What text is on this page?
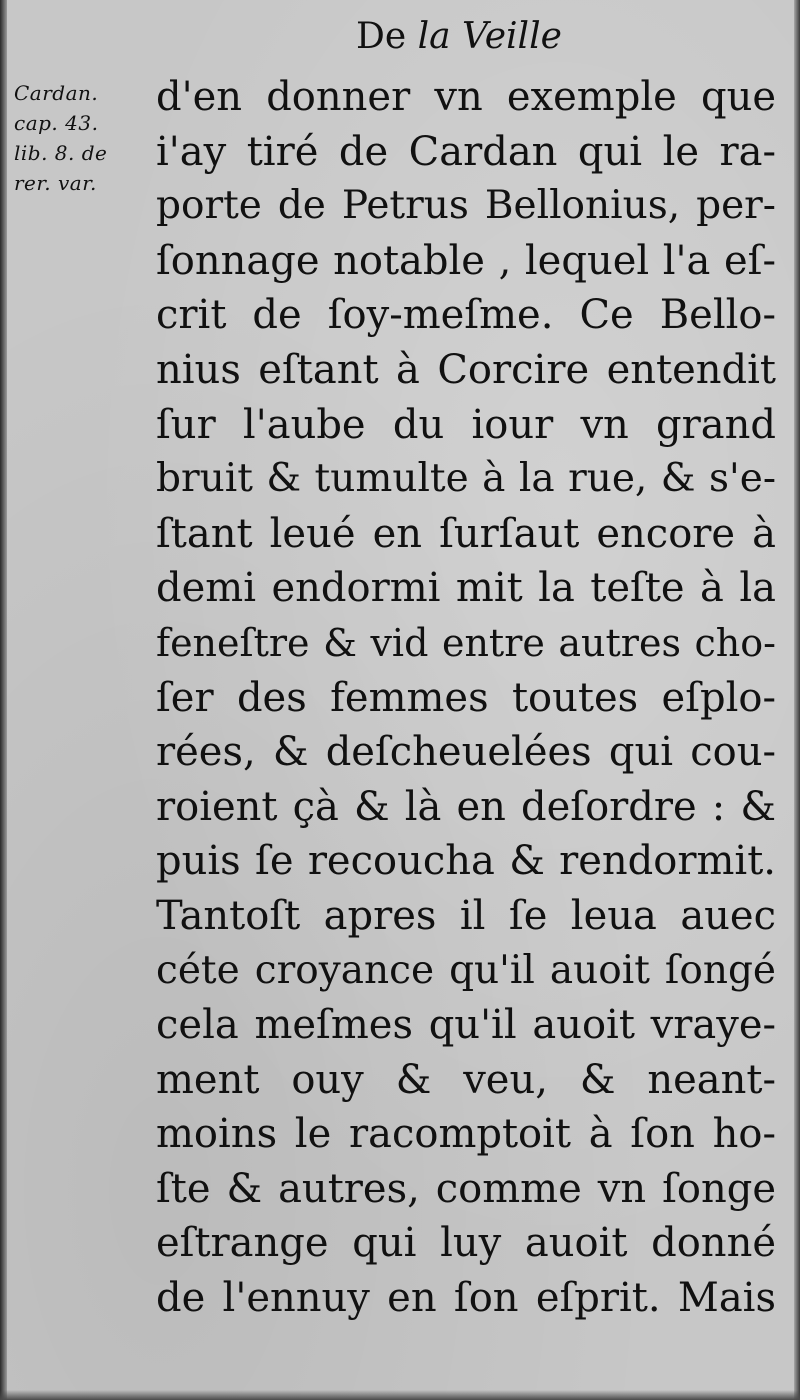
De la Veille
Cardan.
cap. 43.
lib. 8. de
rer. var.
d'en donner vn exemple que
i'ay tiré de Cardan qui le ra-
porte de Petrus Bellonius, per-
ſonnage notable , lequel l'a eſ-
crit de ſoy-meſme. Ce Bello-
nius eſtant à Corcire entendit
ſur l'aube du iour vn grand
bruit & tumulte à la rue, & s'e-
ſtant leué en ſurſaut encore à
demi endormi mit la teſte à la
feneſtre & vid entre autres cho-
ſer des femmes toutes eſplo-
rées, & deſcheuelées qui cou-
roient çà & là en deſordre : &
puis ſe recoucha & rendormit.
Tantoſt apres il ſe leua auec
céte croyance qu'il auoit ſongé
cela meſmes qu'il auoit vraye-
ment ouy & veu, & neant-
moins le racomptoit à ſon ho-
ſte & autres, comme vn ſonge
eſtrange qui luy auoit donné
de l'ennuy en ſon eſprit. Mais
